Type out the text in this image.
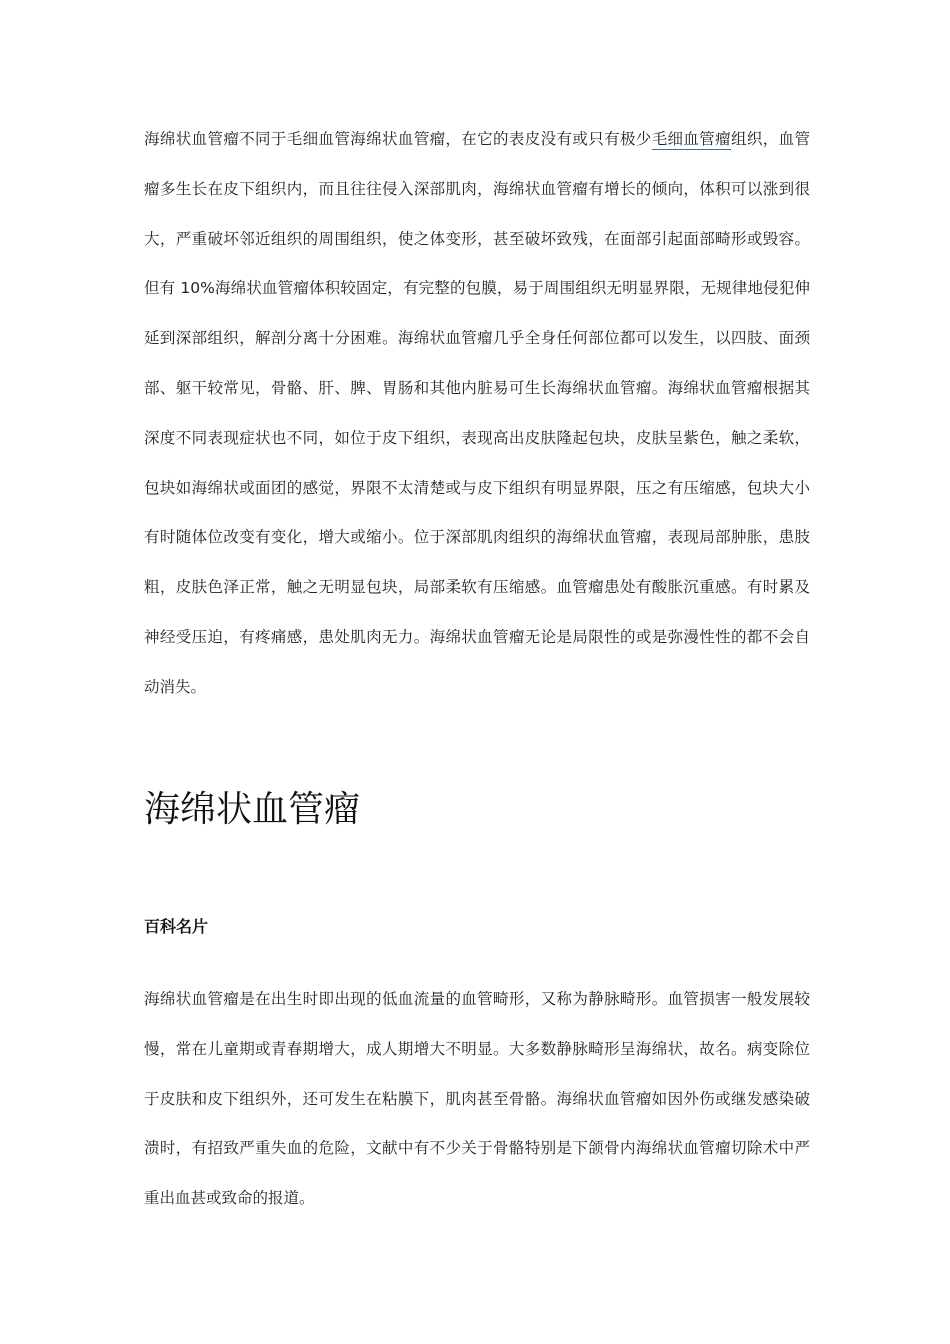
海绵状血管瘤不同于毛细血管海绵状血管瘤，在它的表皮没有或只有极少毛细血管瘤组织，血管瘤多生长在皮下组织内，而且往往侵入深部肌肉，海绵状血管瘤有增长的倾向，体积可以涨到很大，严重破坏邻近组织的周围组织，使之体变形，甚至破坏致残，在面部引起面部畸形或毁容。但有 10%海绵状血管瘤体积较固定，有完整的包膜，易于周围组织无明显界限，无规律地侵犯伸延到深部组织，解剖分离十分困难。海绵状血管瘤几乎全身任何部位都可以发生，以四肢、面颈部、躯干较常见，骨骼、肝、脾、胃肠和其他内脏易可生长海绵状血管瘤。海绵状血管瘤根据其深度不同表现症状也不同，如位于皮下组织，表现高出皮肤隆起包块，皮肤呈紫色，触之柔软，包块如海绵状或面团的感觉，界限不太清楚或与皮下组织有明显界限，压之有压缩感，包块大小有时随体位改变有变化，增大或缩小。位于深部肌肉组织的海绵状血管瘤，表现局部肿胀，患肢粗，皮肤色泽正常，触之无明显包块，局部柔软有压缩感。血管瘤患处有酸胀沉重感。有时累及神经受压迫，有疼痛感，患处肌肉无力。海绵状血管瘤无论是局限性的或是弥漫性性的都不会自动消失。

海绵状血管瘤
百科名片

海绵状血管瘤是在出生时即出现的低血流量的血管畸形，又称为静脉畸形。血管损害一般发展较慢，常在儿童期或青春期增大，成人期增大不明显。大多数静脉畸形呈海绵状，故名。病变除位于皮肤和皮下组织外，还可发生在粘膜下，肌肉甚至骨骼。海绵状血管瘤如因外伤或继发感染破溃时，有招致严重失血的危险，文献中有不少关于骨骼特别是下颌骨内海绵状血管瘤切除术中严重出血甚或致命的报道。
